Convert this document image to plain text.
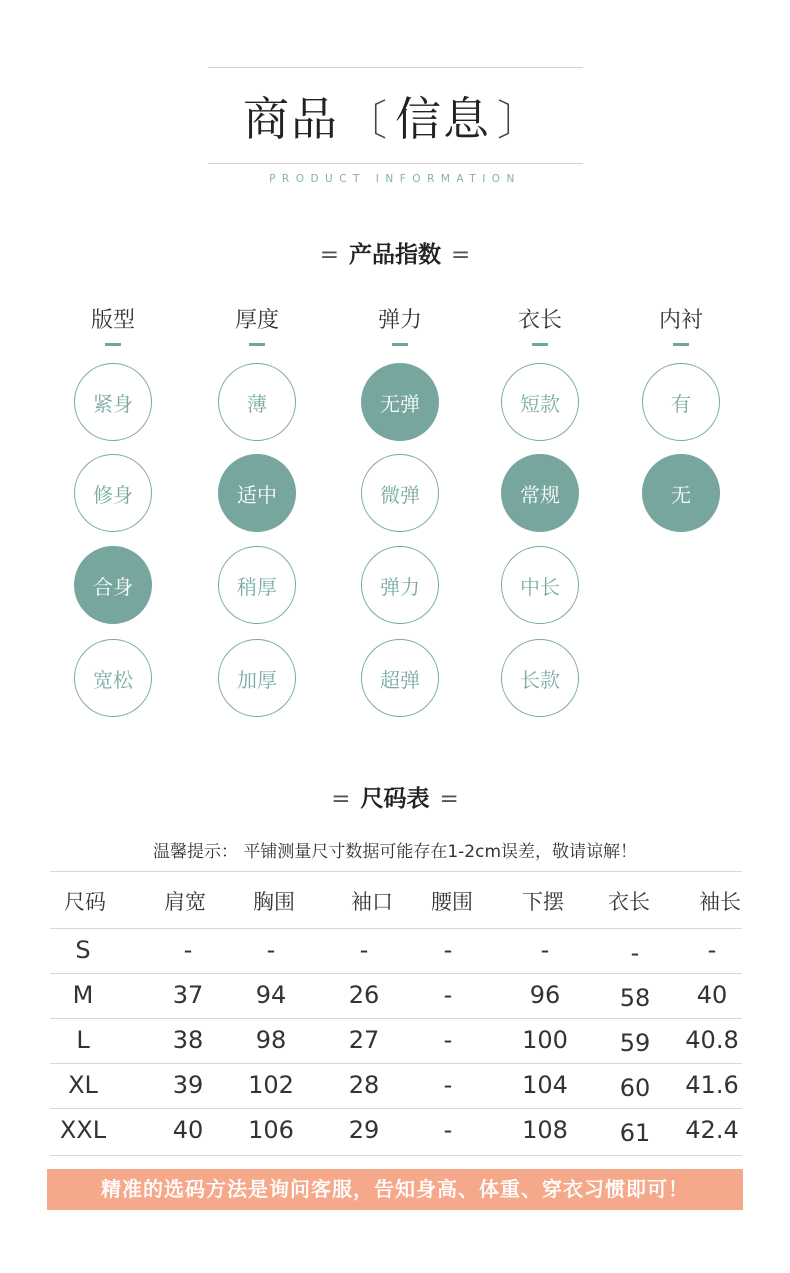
商品 〔 信息 〕
PRODUCT INFORMATION
= 产品指数 =
版型
紧身
修身
合身
宽松
厚度
薄
适中
稍厚
加厚
弹力
无弹
微弹
弹力
超弹
衣长
短款
常规
中长
长款
内衬
有
无
= 尺码表 =
温馨提示： 平铺测量尺寸数据可能存在1-2cm误差，敬请谅解！
尺码	肩宽	胸围	袖口	腰围	下摆	衣长	袖长
S	-	-	-	-	-	-	-
M	37	94	26	-	96	58	40
L	38	98	27	-	100	59	40.8
XL	39	102	28	-	104	60	41.6
XXL	40	106	29	-	108	61	42.4
精准的选码方法是询问客服，告知身高、体重、穿衣习惯即可！
